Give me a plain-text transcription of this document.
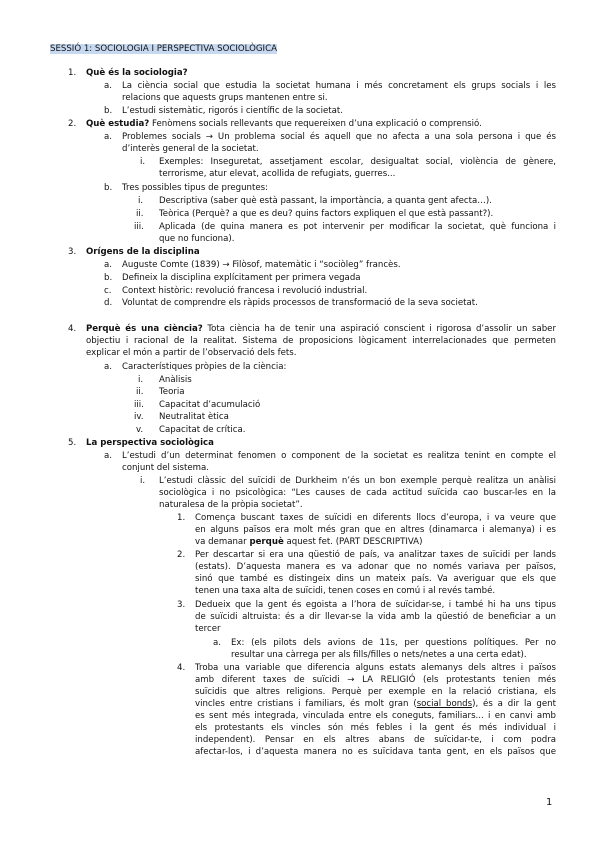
SESSIÓ 1: SOCIOLOGIA I PERSPECTIVA SOCIOLÒGICA
1. Què és la sociologia?
a. La ciència social que estudia la societat humana i més concretament els grups socials i les
relacions que aquests grups mantenen entre si.
b. L’estudi sistemàtic, rigorós i científic de la societat.
2. Què estudia? Fenòmens socials rellevants que requereixen d’una explicació o comprensió.
a. Problemes socials → Un problema social és aquell que no afecta a una sola persona i que és
d’interès general de la societat.
i. Exemples: Inseguretat, assetjament escolar, desigualtat social, violència de gènere,
terrorisme, atur elevat, acollida de refugiats, guerres...
b. Tres possibles tipus de preguntes:
i. Descriptiva (saber què està passant, la importància, a quanta gent afecta…).
ii. Teòrica (Perquè? a que es deu? quins factors expliquen el que està passant?).
iii. Aplicada (de quina manera es pot intervenir per modificar la societat, què funciona i
que no funciona).
3. Orígens de la disciplina
a. Auguste Comte (1839) → Filòsof, matemàtic i “sociòleg” francès.
b. Defineix la disciplina explícitament per primera vegada
c. Context històric: revolució francesa i revolució industrial.
d. Voluntat de comprendre els ràpids processos de transformació de la seva societat.
4. Perquè és una ciència? Tota ciència ha de tenir una aspiració conscient i rigorosa d’assolir un saber
objectiu i racional de la realitat. Sistema de proposicions lògicament interrelacionades que permeten
explicar el món a partir de l’observació dels fets.
a. Característiques pròpies de la ciència:
i. Anàlisis
ii. Teoria
iii. Capacitat d’acumulació
iv. Neutralitat ètica
v. Capacitat de crítica.
5. La perspectiva sociològica
a. L’estudi d’un determinat fenomen o component de la societat es realitza tenint en compte el
conjunt del sistema.
i. L’estudi clàssic del suïcidi de Durkheim n’és un bon exemple perquè realitza un anàlisi
sociològica i no psicològica: “Les causes de cada actitud suïcida cao buscar-les en la
naturalesa de la pròpia societat”.
1. Comença buscant taxes de suïcidi en diferents llocs d’europa, i va veure que
en alguns països era molt més gran que en altres (dinamarca i alemanya) i es
va demanar perquè aquest fet. (PART DESCRIPTIVA)
2. Per descartar si era una qüestió de país, va analitzar taxes de suïcidi per lands
(estats). D’aquesta manera es va adonar que no només variava per països,
sinó que també es distingeix dins un mateix país. Va averiguar que els que
tenen una taxa alta de suïcidi, tenen coses en comú i al revés també.
3. Dedueix que la gent és egoista a l’hora de suïcidar-se, i també hi ha uns tipus
de suïcidi altruista: és a dir llevar-se la vida amb la qüestió de beneficiar a un
tercer
a. Ex: (els pilots dels avions de 11s, per questions polítiques. Per no
resultar una càrrega per als fills/filles o nets/netes a una certa edat).
4. Troba una variable que diferencia alguns estats alemanys dels altres i països
amb diferent taxes de suïcidi → LA RELIGIÓ (els protestants tenien més
suïcidis que altres religions. Perquè per exemple en la relació cristiana, els
vincles entre cristians i familiars, és molt gran (social bonds), és a dir la gent
es sent més integrada, vinculada entre els coneguts, familiars... i en canvi amb
els protestants els vincles són més febles i la gent és més individual i
independent). Pensar en els altres abans de suïcidar-te, i com podra
afectar-los, i d’aquesta manera no es suïcidava tanta gent, en els països que
1
